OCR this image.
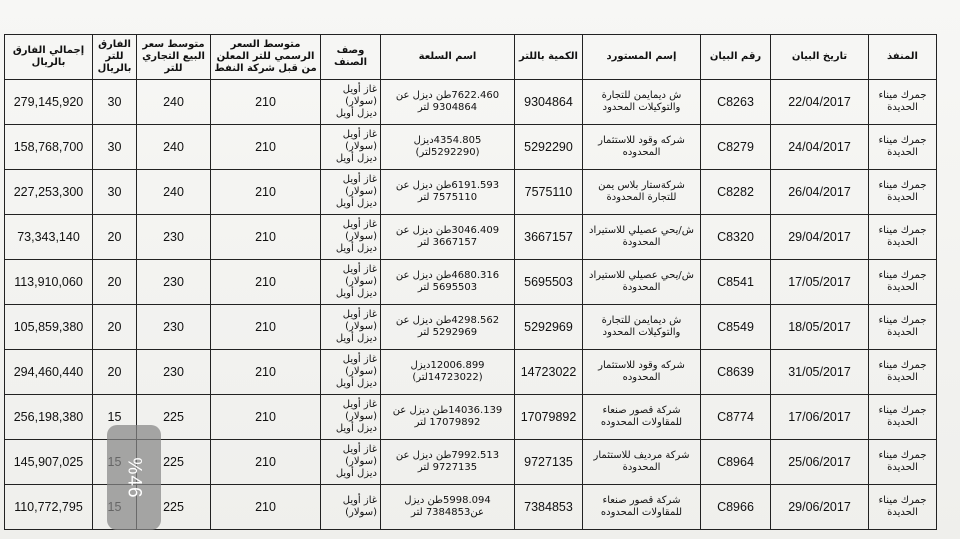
المنفذ	تاريخ البيان	رقم البيان	إسم المستورد	الكمية باللتر	اسم السلعة	وصف الصنف	متوسط السعر الرسمي للتر المعلن من قبل شركة النفط	متوسط سعر البيع التجاري للتر	الفارق للتر بالريال	إجمالي الفارق بالريال
جمرك ميناء الحديدة	22/04/2017	C8263	ش ديمايمن للتجارة والتوكيلات المحدود	9304864	7622.460طن ديزل عن 9304864 لتر	غاز أويل (سولار) ديزل أويل	210	240	30	279,145,920
جمرك ميناء الحديدة	24/04/2017	C8279	شركه وقود للاستثمار المحدوده	5292290	4354.805ديزل (5292290لتر)	غاز أويل (سولار) ديزل أويل	210	240	30	158,768,700
جمرك ميناء الحديدة	26/04/2017	C8282	شركةستار بلاس يمن للتجارة المحدودة	7575110	6191.593طن ديزل عن 7575110 لتر	غاز أويل (سولار) ديزل أويل	210	240	30	227,253,300
جمرك ميناء الحديدة	29/04/2017	C8320	ش/يحي عصيلي للاستيراد المحدودة	3667157	3046.409طن ديزل عن 3667157 لتر	غاز أويل (سولار) ديزل أويل	210	230	20	73,343,140
جمرك ميناء الحديدة	17/05/2017	C8541	ش/يحي عصيلي للاستيراد المحدودة	5695503	4680.316طن ديزل عن 5695503 لتر	غاز أويل (سولار) ديزل أويل	210	230	20	113,910,060
جمرك ميناء الحديدة	18/05/2017	C8549	ش ديمايمن للتجارة والتوكيلات المحدود	5292969	4298.562طن ديزل عن 5292969 لتر	غاز أويل (سولار) ديزل أويل	210	230	20	105,859,380
جمرك ميناء الحديدة	31/05/2017	C8639	شركه وقود للاستثمار المحدوده	14723022	12006.899ديزل (14723022لتر)	غاز أويل (سولار) ديزل أويل	210	230	20	294,460,440
جمرك ميناء الحديدة	17/06/2017	C8774	شركة قصور صنعاء للمقاولات المحدوده	17079892	14036.139طن ديزل عن 17079892 لتر	غاز أويل (سولار) ديزل أويل	210	225	15	256,198,380
جمرك ميناء الحديدة	25/06/2017	C8964	شركة مرديف للاستثمار المحدودة	9727135	7992.513طن ديزل عن 9727135 لتر	غاز أويل (سولار) ديزل أويل	210	225		145,907,025
جمرك ميناء الحديدة	29/06/2017	C8966	شركة قصور صنعاء للمقاولات المحدوده	7384853	5998.094طن ديزل عن7384853 لتر	غاز أويل (سولار)	210	225		110,772,795
%46
